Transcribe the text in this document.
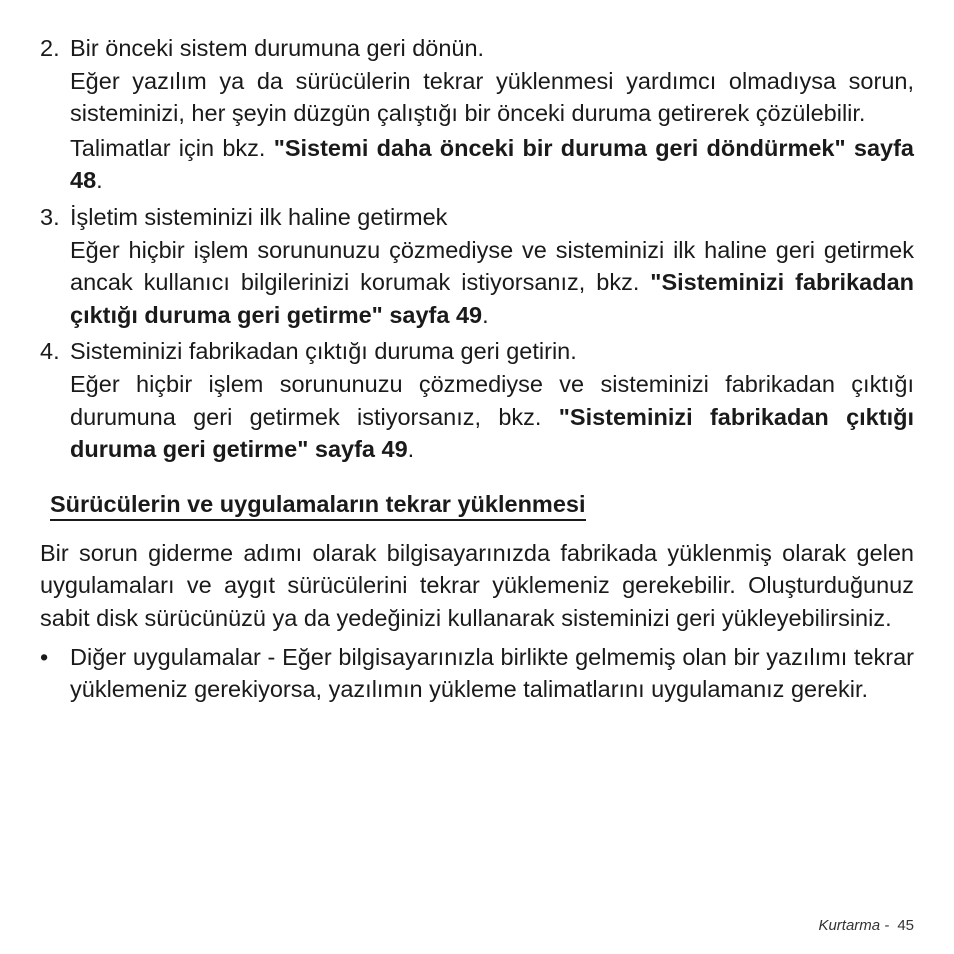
2. Bir önceki sistem durumuna geri dönün.

Eğer yazılım ya da sürücülerin tekrar yüklenmesi yardımcı olmadıysa sorun, sisteminizi, her şeyin düzgün çalıştığı bir önceki duruma getirerek çözülebilir.

Talimatlar için bkz. "Sistemi daha önceki bir duruma geri döndürmek" sayfa 48.

3. İşletim sisteminizi ilk haline getirmek

Eğer hiçbir işlem sorununuzu çözmediyse ve sisteminizi ilk haline geri getirmek ancak kullanıcı bilgilerinizi korumak istiyorsanız, bkz. "Sisteminizi fabrikadan çıktığı duruma geri getirme" sayfa 49.

4. Sisteminizi fabrikadan çıktığı duruma geri getirin.

Eğer hiçbir işlem sorununuzu çözmediyse ve sisteminizi fabrikadan çıktığı durumuna geri getirmek istiyorsanız, bkz. "Sisteminizi fabrikadan çıktığı duruma geri getirme" sayfa 49.

Sürücülerin ve uygulamaların tekrar yüklenmesi

Bir sorun giderme adımı olarak bilgisayarınızda fabrikada yüklenmiş olarak gelen uygulamaları ve aygıt sürücülerini tekrar yüklemeniz gerekebilir. Oluşturduğunuz sabit disk sürücünüzü ya da yedeğinizi kullanarak sisteminizi geri yükleyebilirsiniz.

• Diğer uygulamalar - Eğer bilgisayarınızla birlikte gelmemiş olan bir yazılımı tekrar yüklemeniz gerekiyorsa, yazılımın yükleme talimatlarını uygulamanız gerekir.
Kurtarma - 45
